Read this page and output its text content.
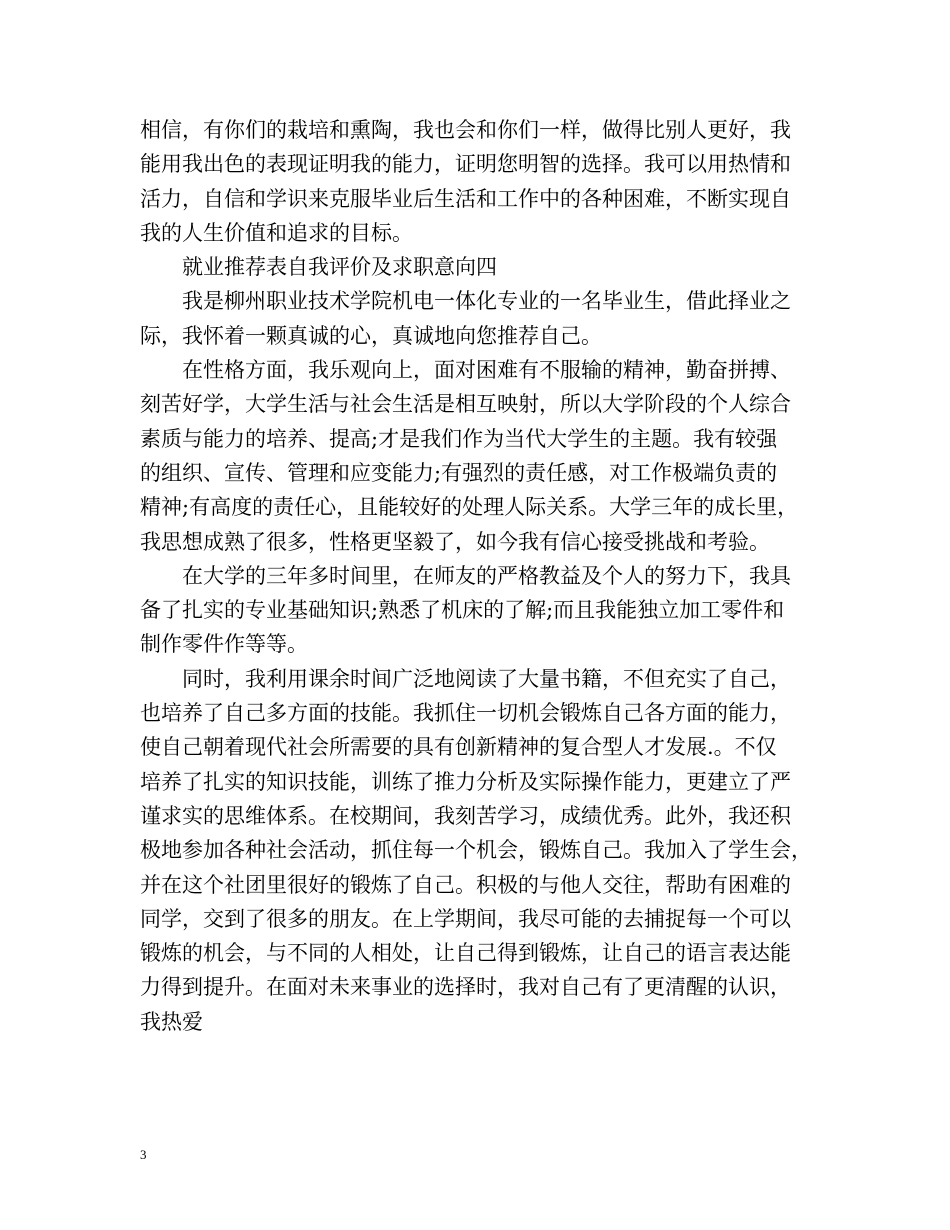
相信，有你们的栽培和熏陶，我也会和你们一样，做得比别人更好，我
能用我出色的表现证明我的能力，证明您明智的选择。我可以用热情和
活力，自信和学识来克服毕业后生活和工作中的各种困难，不断实现自
我的人生价值和追求的目标。
就业推荐表自我评价及求职意向四
我是柳州职业技术学院机电一体化专业的一名毕业生，借此择业之
际，我怀着一颗真诚的心，真诚地向您推荐自己。
在性格方面，我乐观向上，面对困难有不服输的精神，勤奋拼搏、
刻苦好学，大学生活与社会生活是相互映射，所以大学阶段的个人综合
素质与能力的培养、提高;才是我们作为当代大学生的主题。我有较强
的组织、宣传、管理和应变能力;有强烈的责任感，对工作极端负责的
精神;有高度的责任心，且能较好的处理人际关系。大学三年的成长里，
我思想成熟了很多，性格更坚毅了，如今我有信心接受挑战和考验。
在大学的三年多时间里，在师友的严格教益及个人的努力下，我具
备了扎实的专业基础知识;熟悉了机床的了解;而且我能独立加工零件和
制作零件作等等。
同时，我利用课余时间广泛地阅读了大量书籍，不但充实了自己，
也培养了自己多方面的技能。我抓住一切机会锻炼自己各方面的能力，
使自己朝着现代社会所需要的具有创新精神的复合型人才发展.。不仅
培养了扎实的知识技能，训练了推力分析及实际操作能力，更建立了严
谨求实的思维体系。在校期间，我刻苦学习，成绩优秀。此外，我还积
极地参加各种社会活动，抓住每一个机会，锻炼自己。我加入了学生会，
并在这个社团里很好的锻炼了自己。积极的与他人交往，帮助有困难的
同学，交到了很多的朋友。在上学期间，我尽可能的去捕捉每一个可以
锻炼的机会，与不同的人相处，让自己得到锻炼，让自己的语言表达能
力得到提升。在面对未来事业的选择时，我对自己有了更清醒的认识，
我热爱
3
